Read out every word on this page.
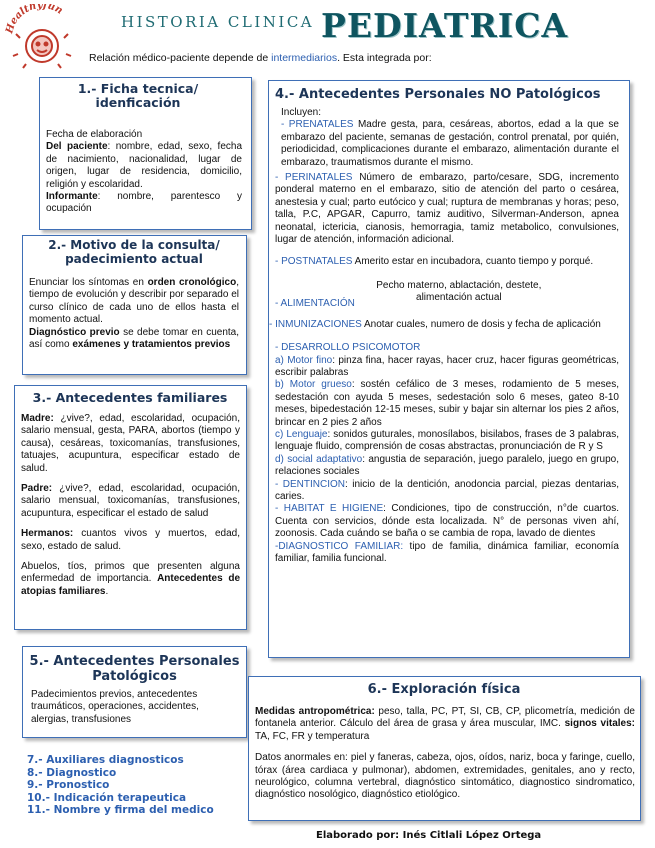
Healthyfun
HISTORIA CLINICA PEDIATRICA
Relación médico-paciente depende de intermediarios. Esta integrada por:
1.- Ficha tecnica/ idenficación

Fecha de elaboración

Del paciente: nombre, edad, sexo, fecha de nacimiento, nacionalidad, lugar de origen, lugar de residencia, domicilio, religión y escolaridad.

Informante: nombre, parentesco y ocupación

2.- Motivo de la consulta/ padecimiento actual

Enunciar los síntomas en orden cronológico, tiempo de evolución y describir por separado el curso clínico de cada uno de ellos hasta el momento actual.

Diagnóstico previo se debe tomar en cuenta, así como exámenes y tratamientos previos

3.- Antecedentes familiares

Madre: ¿vive?, edad, escolaridad, ocupación, salario mensual, gesta, PARA, abortos (tiempo y causa), cesáreas, toxicomanías, transfusiones, tatuajes, acupuntura, especificar estado de salud.

Padre: ¿vive?, edad, escolaridad, ocupación, salario mensual, toxicomanías, transfusiones, acupuntura, especificar el estado de salud

Hermanos: cuantos vivos y muertos, edad, sexo, estado de salud.

Abuelos, tíos, primos que presenten alguna enfermedad de importancia. Antecedentes de atopias familiares.

4.- Antecedentes Personales NO Patológicos

Incluyen:

- PRENATALES Madre gesta, para, cesáreas, abortos, edad a la que se embarazo del paciente, semanas de gestación, control prenatal, por quién, periodicidad, complicaciones durante el embarazo, alimentación durante el embarazo, traumatismos durante el mismo.

- PERINATALES Número de embarazo, parto/cesare, SDG, incremento ponderal materno en el embarazo, sitio de atención del parto o cesárea, anestesia y cual; parto eutócico y cual; ruptura de membranas y horas; peso, talla, P.C, APGAR, Capurro, tamiz auditivo, Silverman-Anderson, apnea neonatal, ictericia, cianosis, hemorragia, tamiz metabolico, convulsiones, lugar de atención, información adicional.

- POSTNATALES Amerito estar en incubadora, cuanto tiempo y porqué.

- ALIMENTACIÓN
Pecho materno, ablactación, destete, alimentación actual

- INMUNIZACIONES Anotar cuales, numero de dosis y fecha de aplicación

- DESARROLLO PSICOMOTOR

a) Motor fino: pinza fina, hacer rayas, hacer cruz, hacer figuras geométricas, escribir palabras

b) Motor grueso: sostén cefálico de 3 meses, rodamiento de 5 meses, sedestación con ayuda 5 meses, sedestación solo 6 meses, gateo 8-10 meses, bipedestación 12-15 meses, subir y bajar sin alternar los pies 2 años, brincar en 2 pies 2 años

c) Lenguaje: sonidos guturales, monosílabos, bisilabos, frases de 3 palabras, lenguaje fluido, comprensión de cosas abstractas, pronunciación de R y S

d) social adaptativo: angustia de separación, juego paralelo, juego en grupo, relaciones sociales

- DENTINCION: inicio de la dentición, anodoncia parcial, piezas dentarias, caries.

- HABITAT E HIGIENE: Condiciones, tipo de construcción, n°de cuartos. Cuenta con servicios, dónde esta localizada. N° de personas viven ahí, zoonosis. Cada cuándo se baña o se cambia de ropa, lavado de dientes

-DIAGNOSTICO FAMILIAR: tipo de familia, dinámica familiar, economía familiar, familia funcional.

5.- Antecedentes Personales Patológicos
Padecimientos previos, antecedentes traumáticos, operaciones, accidentes, alergias, transfusiones
6.- Exploración física

Medidas antropométrica: peso, talla, PC, PT, SI, CB, CP, plicometría, medición de fontanela anterior. Cálculo del área de grasa y área muscular, IMC. signos vitales: TA, FC, FR y temperatura

Datos anormales en: piel y faneras, cabeza, ojos, oídos, nariz, boca y faringe, cuello, tórax (área cardiaca y pulmonar), abdomen, extremidades, genitales, ano y recto, neurológico, columna vertebral, diagnóstico sintomático, diagnostico sindromatico, diagnóstico nosológico, diagnóstico etiológico.

7.- Auxiliares diagnosticos
8.- Diagnostico
9.- Pronostico
10.- Indicación terapeutica
11.- Nombre y firma del medico
Elaborado por: Inés Citlali López Ortega
